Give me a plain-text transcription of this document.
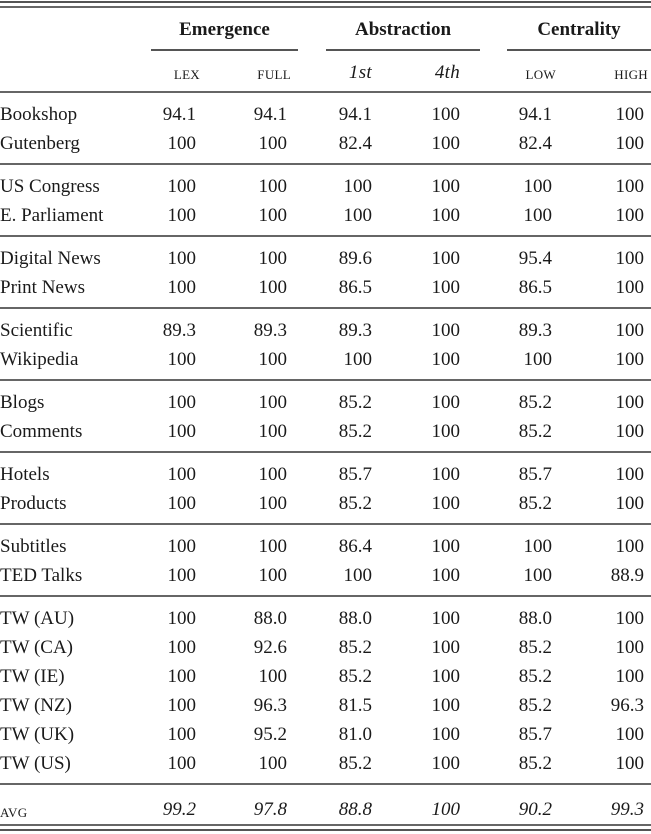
Emergence
LEX	FULL
Abstraction
1st	4th
Centrality
LOW	HIGH
Bookshop	94.1	94.1	94.1	100	94.1	100
Gutenberg	100	100	82.4	100	82.4	100
US Congress	100	100	100	100	100	100
E. Parliament	100	100	100	100	100	100
Digital News	100	100	89.6	100	95.4	100
Print News	100	100	86.5	100	86.5	100
Scientific	89.3	89.3	89.3	100	89.3	100
Wikipedia	100	100	100	100	100	100
Blogs	100	100	85.2	100	85.2	100
Comments	100	100	85.2	100	85.2	100
Hotels	100	100	85.7	100	85.7	100
Products	100	100	85.2	100	85.2	100
Subtitles	100	100	86.4	100	100	100
TED Talks	100	100	100	100	100	88.9
TW (AU)	100	88.0	88.0	100	88.0	100
TW (CA)	100	92.6	85.2	100	85.2	100
TW (IE)	100	100	85.2	100	85.2	100
TW (NZ)	100	96.3	81.5	100	85.2	96.3
TW (UK)	100	95.2	81.0	100	85.7	100
TW (US)	100	100	85.2	100	85.2	100
AVG	99.2	97.8	88.8	100	90.2	99.3
